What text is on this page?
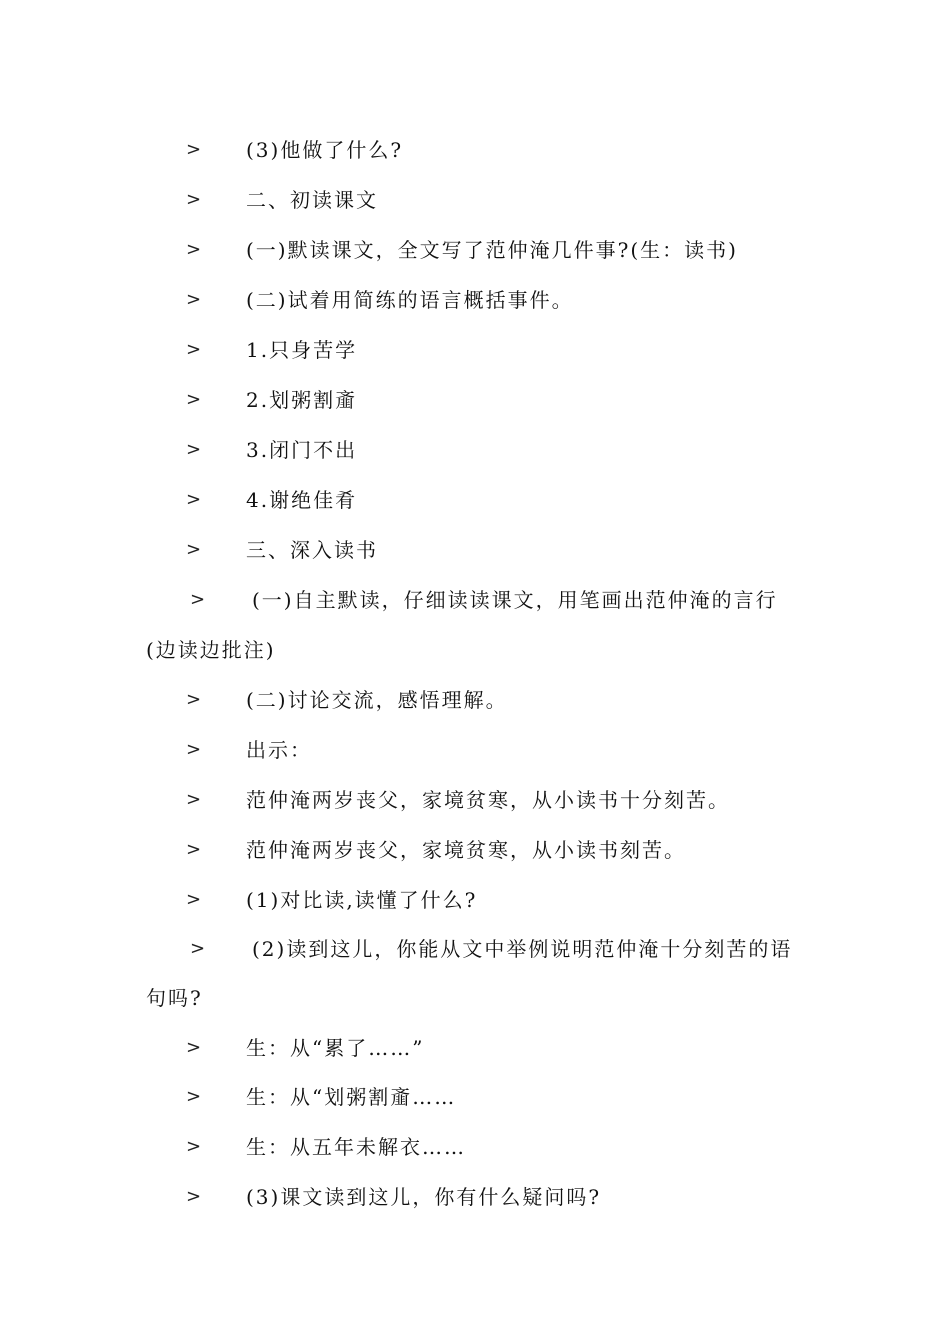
> (3)他做了什么?
> 二、初读课文
> (一)默读课文，全文写了范仲淹几件事?(生：读书)
> (二)试着用简练的语言概括事件。
> 1.只身苦学
> 2.划粥割齑
> 3.闭门不出
> 4.谢绝佳肴
> 三、深入读书
> (一)自主默读，仔细读读课文，用笔画出范仲淹的言行
(边读边批注)
> (二)讨论交流，感悟理解。
> 出示：
> 范仲淹两岁丧父，家境贫寒，从小读书十分刻苦。
> 范仲淹两岁丧父，家境贫寒，从小读书刻苦。
> (1)对比读,读懂了什么?
> (2)读到这儿，你能从文中举例说明范仲淹十分刻苦的语
句吗?
> 生：从“累了……”
> 生：从“划粥割齑……
> 生：从五年未解衣……
> (3)课文读到这儿，你有什么疑问吗?
